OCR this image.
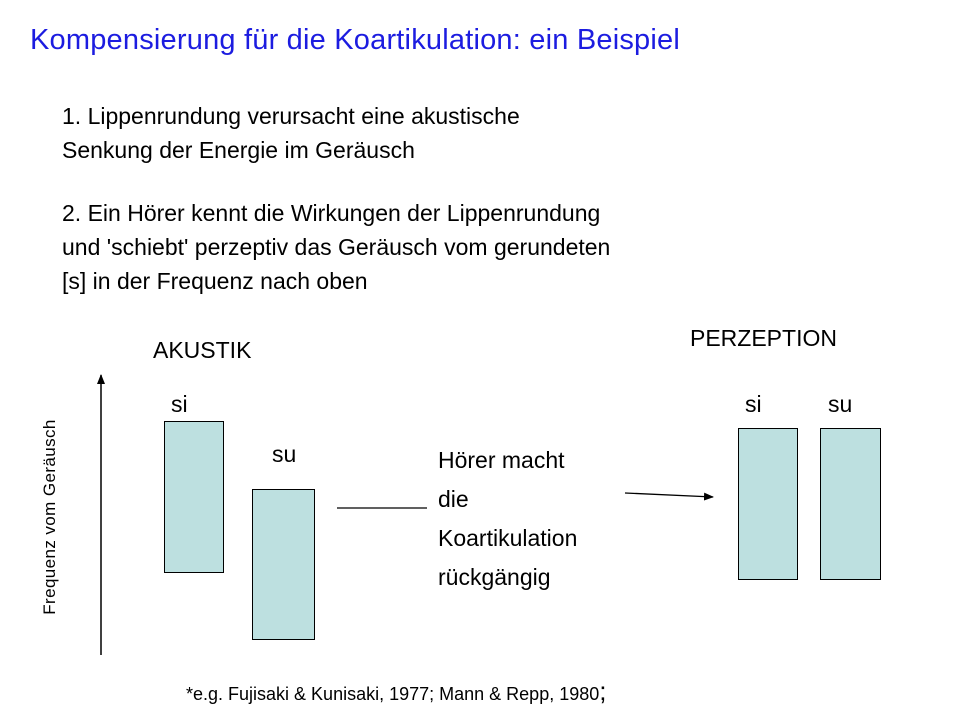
Kompensierung für die Koartikulation: ein Beispiel
1. Lippenrundung verursacht eine akustische
Senkung der Energie im Geräusch
2. Ein Hörer kennt die Wirkungen der Lippenrundung
und 'schiebt' perzeptiv das Geräusch vom gerundeten
[s] in der Frequenz nach oben
Frequenz vom Geräusch
AKUSTIK	PERZEPTION
si
su	Hörer macht
die
Koartikulation
rückgängig
si	su
*e.g. Fujisaki & Kunisaki, 1977; Mann & Repp, 1980;
